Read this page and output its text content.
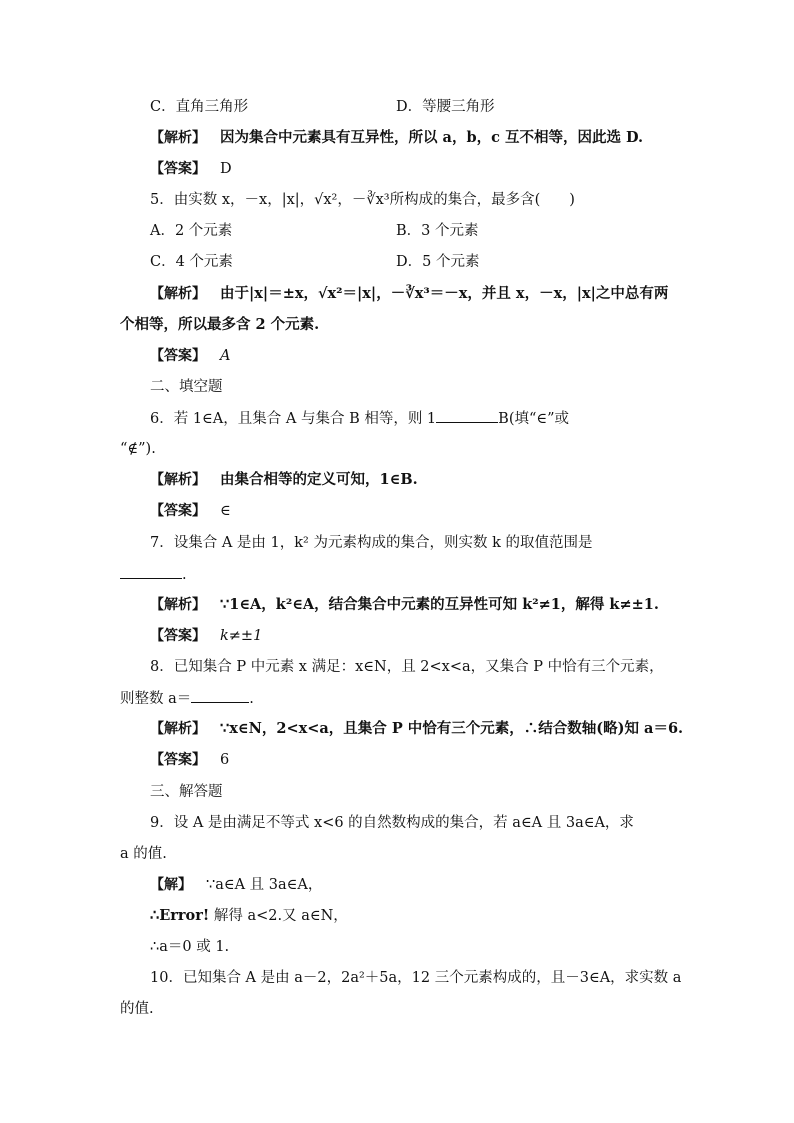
C．直角三角形	D．等腰三角形
【解析】 因为集合中元素具有互异性，所以 a，b，c 互不相等，因此选 D.
【答案】 D
5．由实数 x，－x，|x|，√x²，－∛x³所构成的集合，最多含(　　)
A．2 个元素	B．3 个元素
C．4 个元素	D．5 个元素
【解析】 由于|x|＝±x，√x²＝|x|，－∛x³＝－x，并且 x，－x，|x|之中总有两
个相等，所以最多含 2 个元素.
【答案】 A
二、填空题
6．若 1∈A，且集合 A 与集合 B 相等，则 1	B(填“∈”或
“∉”).
【解析】 由集合相等的定义可知，1∈B.
【答案】 ∈
7．设集合 A 是由 1，k² 为元素构成的集合，则实数 k 的取值范围是
.
【解析】 ∵1∈A，k²∈A，结合集合中元素的互异性可知 k²≠1，解得 k≠±1.
【答案】 k≠±1
8．已知集合 P 中元素 x 满足：x∈N，且 2<x<a，又集合 P 中恰有三个元素，
则整数 a＝	.
【解析】 ∵x∈N，2<x<a，且集合 P 中恰有三个元素，∴结合数轴(略)知 a＝6.
【答案】 6
三、解答题
9．设 A 是由满足不等式 x<6 的自然数构成的集合，若 a∈A 且 3a∈A，求
a 的值.
【解】 ∵a∈A 且 3a∈A，
∴Error! 解得 a<2.又 a∈N，
∴a＝0 或 1.
10．已知集合 A 是由 a－2，2a²＋5a，12 三个元素构成的，且－3∈A，求实数 a
的值.
